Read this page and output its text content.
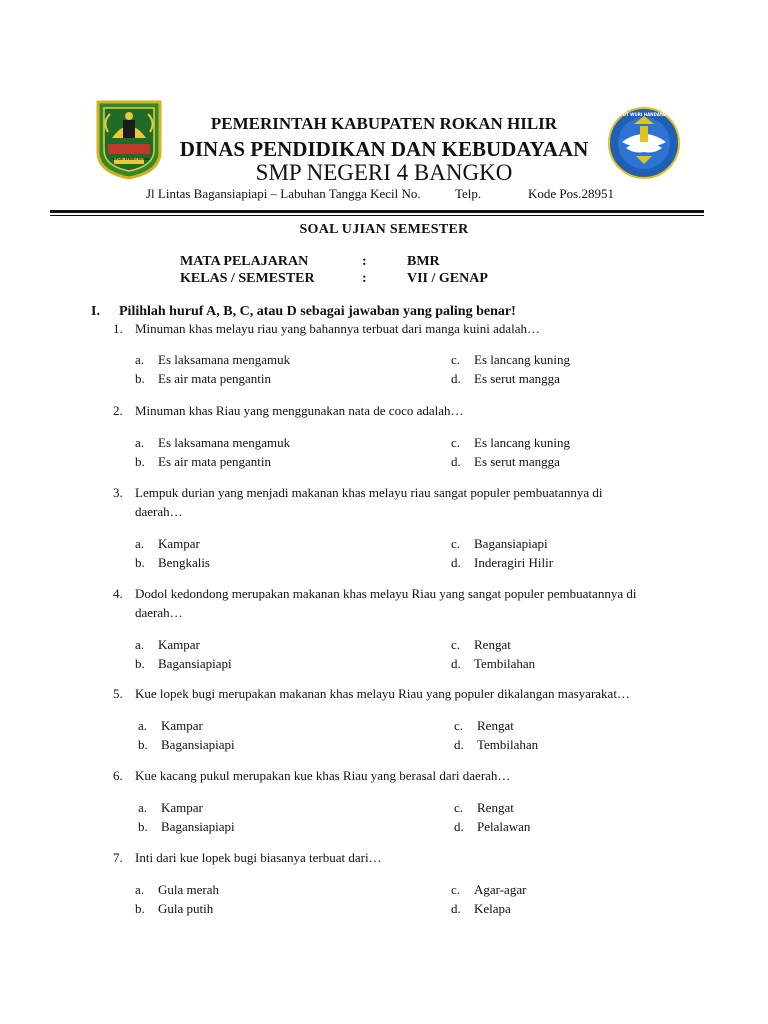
NEGRI SERIBU KUBAH
TUT WURI HANDAYANI
PEMERINTAH KABUPATEN ROKAN HILIR
DINAS PENDIDIKAN DAN KEBUDAYAAN
SMP NEGERI 4 BANGKO
Jl Lintas Bagansiapiapi – Labuhan Tangga Kecil No.	Telp.	Kode Pos.28951
SOAL UJIAN SEMESTER
MATA PELAJARAN	:	BMR
KELAS / SEMESTER	:	VII / GENAP
I. Pilihlah huruf A, B, C, atau D sebagai jawaban yang paling benar!
1. Minuman khas melayu riau yang bahannya terbuat dari manga kuini adalah…
a. Es laksamana mengamuk
b. Es air mata pengantin
c. Es lancang kuning
d. Es serut mangga
2. Minuman khas Riau yang menggunakan nata de coco adalah…
a. Es laksamana mengamuk
b. Es air mata pengantin
c. Es lancang kuning
d. Es serut mangga
3. Lempuk durian yang menjadi makanan khas melayu riau sangat populer pembuatannya di
daerah…
a. Kampar
b. Bengkalis
c. Bagansiapiapi
d. Inderagiri Hilir
4. Dodol kedondong merupakan makanan khas melayu Riau yang sangat populer pembuatannya di
daerah…
a. Kampar
b. Bagansiapiapi
c. Rengat
d. Tembilahan
5. Kue lopek bugi merupakan makanan khas melayu Riau yang populer dikalangan masyarakat…
a. Kampar
b. Bagansiapiapi
c. Rengat
d. Tembilahan
6. Kue kacang pukul merupakan kue khas Riau yang berasal dari daerah…
a. Kampar
b. Bagansiapiapi
c. Rengat
d. Pelalawan
7. Inti dari kue lopek bugi biasanya terbuat dari…
a. Gula merah
b. Gula putih
c. Agar-agar
d. Kelapa
